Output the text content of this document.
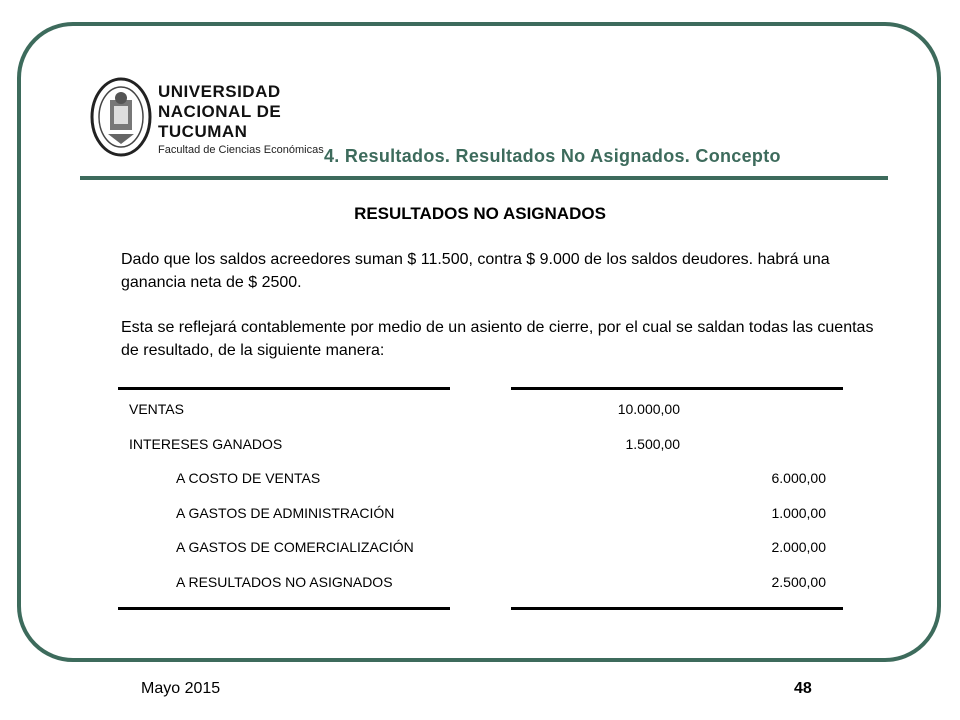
UNIVERSIDAD
NACIONAL DE
TUCUMAN
Facultad de Ciencias Económicas 4. Resultados. Resultados No Asignados. Concepto
RESULTADOS NO ASIGNADOS
Dado que los saldos acreedores suman $ 11.500, contra $ 9.000 de los saldos deudores. habrá una ganancia neta de $ 2500.
Esta se reflejará contablemente por medio de un asiento de cierre, por el cual se saldan todas las cuentas de resultado, de la siguiente manera:
VENTAS	10.000,00
INTERESES GANADOS	1.500,00
A COSTO DE VENTAS	6.000,00
A GASTOS DE ADMINISTRACIÓN	1.000,00
A GASTOS DE COMERCIALIZACIÓN	2.000,00
A RESULTADOS NO ASIGNADOS	2.500,00
Mayo 2015	48
